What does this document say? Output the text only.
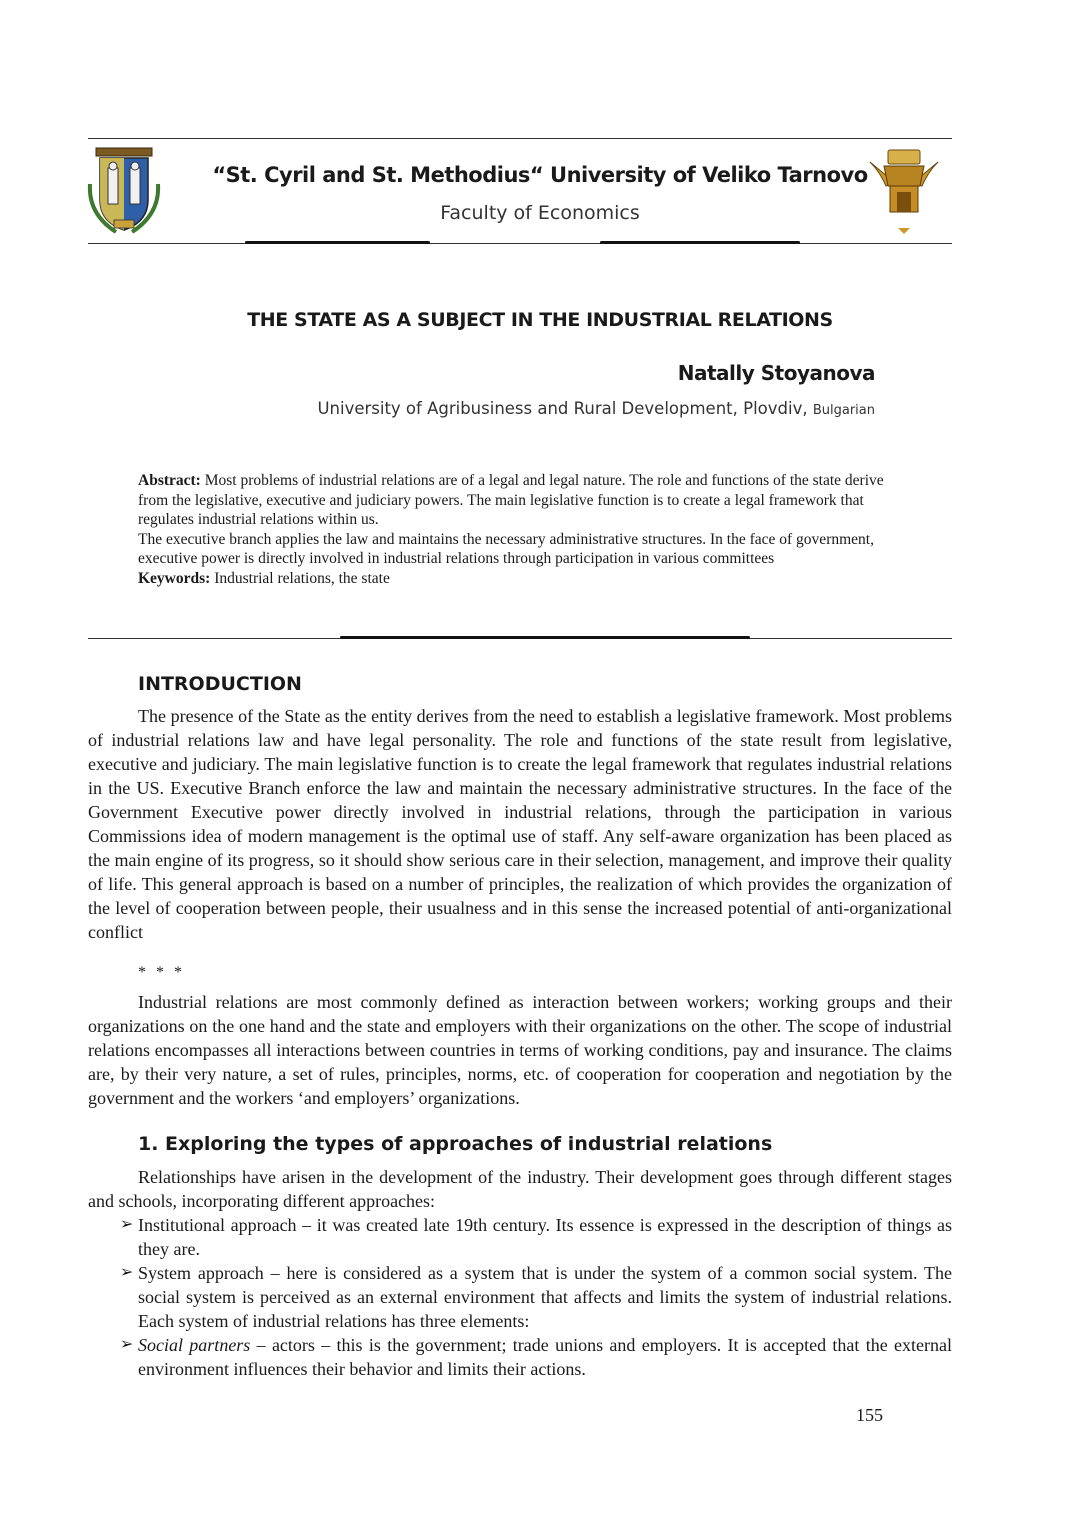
“St. Cyril and St. Methodius“ University of Veliko Tarnovo
Faculty of Economics
THE STATE AS A SUBJECT IN THE INDUSTRIAL RELATIONS
Natally Stoyanova
University of Agribusiness and Rural Development, Plovdiv, Bulgarian

Abstract: Most problems of industrial relations are of a legal and legal nature. The role and functions of the state derive from the legislative, executive and judiciary powers. The main legislative function is to create a legal framework that regulates industrial relations within us.

The executive branch applies the law and maintains the necessary administrative structures. In the face of government, executive power is directly involved in industrial relations through participation in various committees

Keywords: Industrial relations, the state

INTRODUCTION

The presence of the State as the entity derives from the need to establish a legislative framework. Most problems of industrial relations law and have legal personality. The role and functions of the state result from legislative, executive and judiciary. The main legislative function is to create the legal framework that regulates industrial relations in the US. Executive Branch enforce the law and maintain the necessary administrative structures. In the face of the Government Executive power directly involved in industrial relations, through the participation in various Commissions idea of modern management is the optimal use of staff. Any self-aware organization has been placed as the main engine of its progress, so it should show serious care in their selection, management, and improve their quality of life. This general approach is based on a number of principles, the realization of which provides the organization of the level of cooperation between people, their usualness and in this sense the increased potential of anti-organizational conflict

* * *

Industrial relations are most commonly defined as interaction between workers; working groups and their organizations on the one hand and the state and employers with their organizations on the other. The scope of industrial relations encompasses all interactions between countries in terms of working conditions, pay and insurance. The claims are, by their very nature, a set of rules, principles, norms, etc. of cooperation for cooperation and negotiation by the government and the workers ‘and employers’ organizations.

1. Exploring the types of approaches of industrial relations

Relationships have arisen in the development of the industry. Their development goes through different stages and schools, incorporating different approaches:

➢ Institutional approach – it was created late 19th century. Its essence is expressed in the description of things as they are.

➢ System approach – here is considered as a system that is under the system of a common social system. The social system is perceived as an external environment that affects and limits the system of industrial relations. Each system of industrial relations has three elements:

➢ Social partners – actors – this is the government; trade unions and employers. It is accepted that the external environment influences their behavior and limits their actions.

155
